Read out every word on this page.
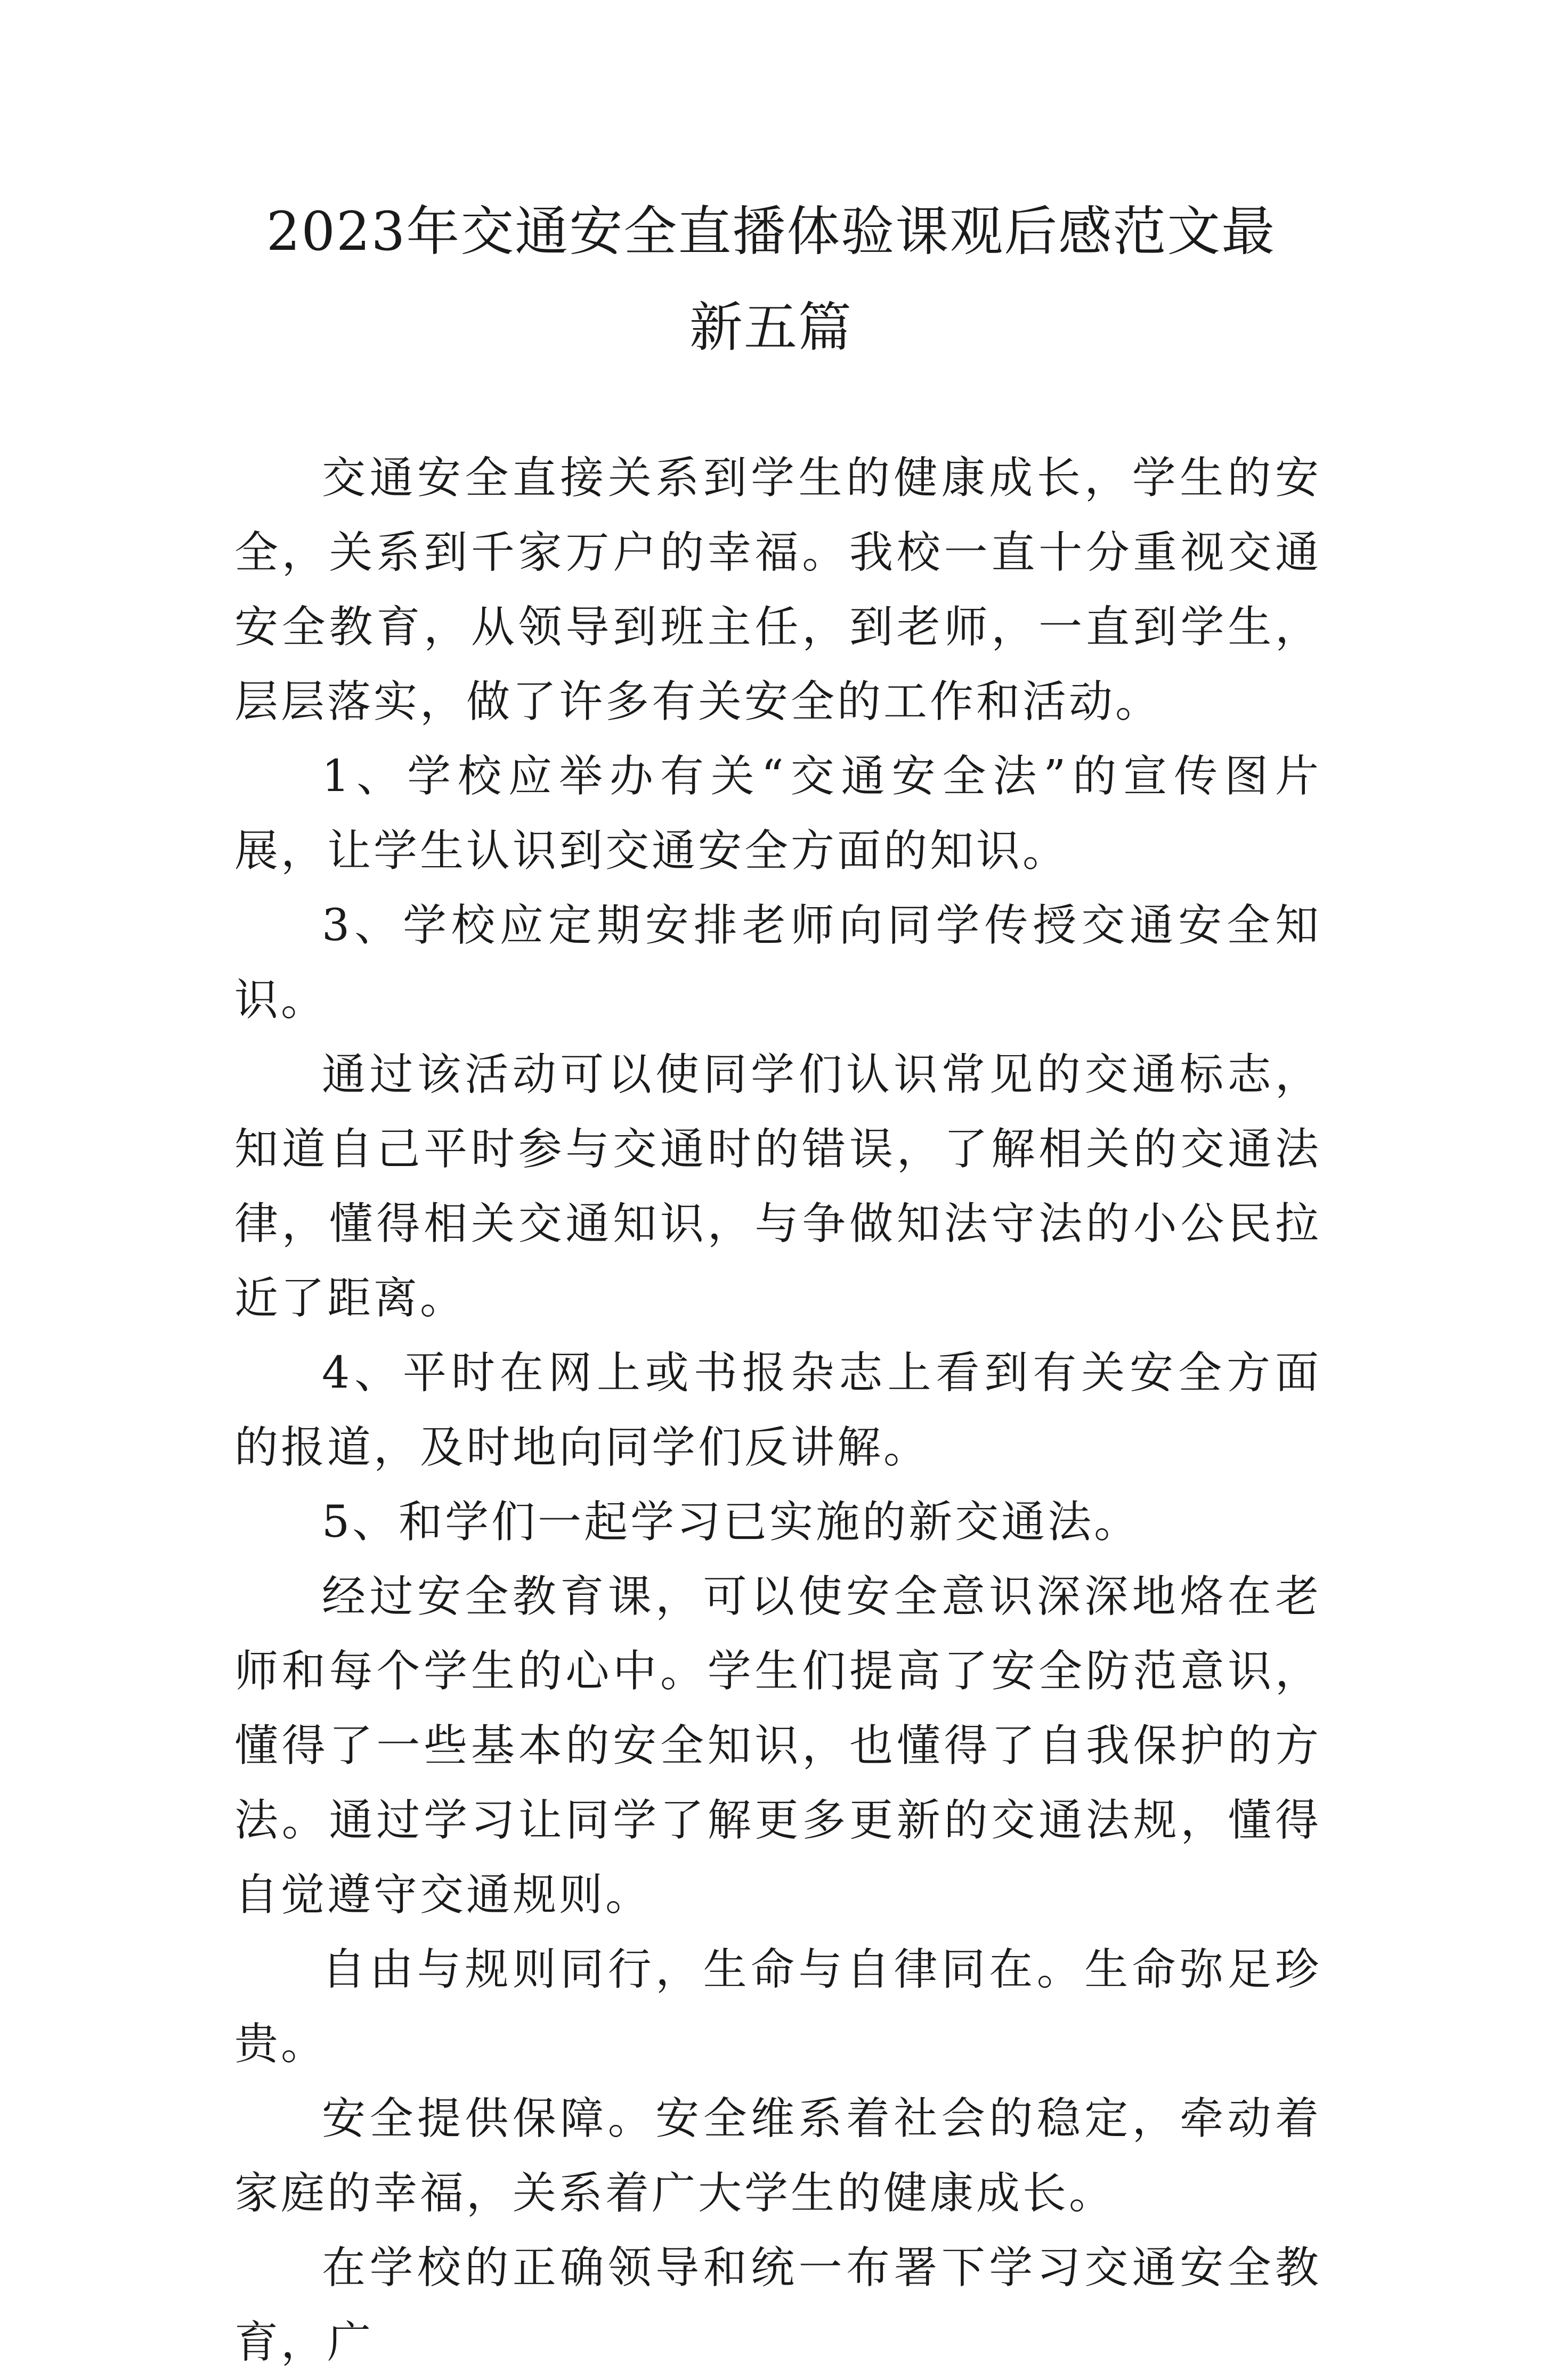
2023年交通安全直播体验课观后感范文最
新五篇

交通安全直接关系到学生的健康成长，学生的安全，关系到千家万户的幸福。我校一直十分重视交通安全教育，从领导到班主任，到老师，一直到学生，层层落实，做了许多有关安全的工作和活动。

1、学校应举办有关“交通安全法”的宣传图片展，让学生认识到交通安全方面的知识。

3、学校应定期安排老师向同学传授交通安全知识。

通过该活动可以使同学们认识常见的交通标志，知道自己平时参与交通时的错误，了解相关的交通法律，懂得相关交通知识，与争做知法守法的小公民拉近了距离。

4、平时在网上或书报杂志上看到有关安全方面的报道，及时地向同学们反讲解。

5、和学们一起学习已实施的新交通法。

经过安全教育课，可以使安全意识深深地烙在老师和每个学生的心中。学生们提高了安全防范意识，懂得了一些基本的安全知识，也懂得了自我保护的方法。通过学习让同学了解更多更新的交通法规，懂得自觉遵守交通规则。

自由与规则同行，生命与自律同在。生命弥足珍贵。

安全提供保障。安全维系着社会的稳定，牵动着家庭的幸福，关系着广大学生的健康成长。

在学校的正确领导和统一布署下学习交通安全教育，广
